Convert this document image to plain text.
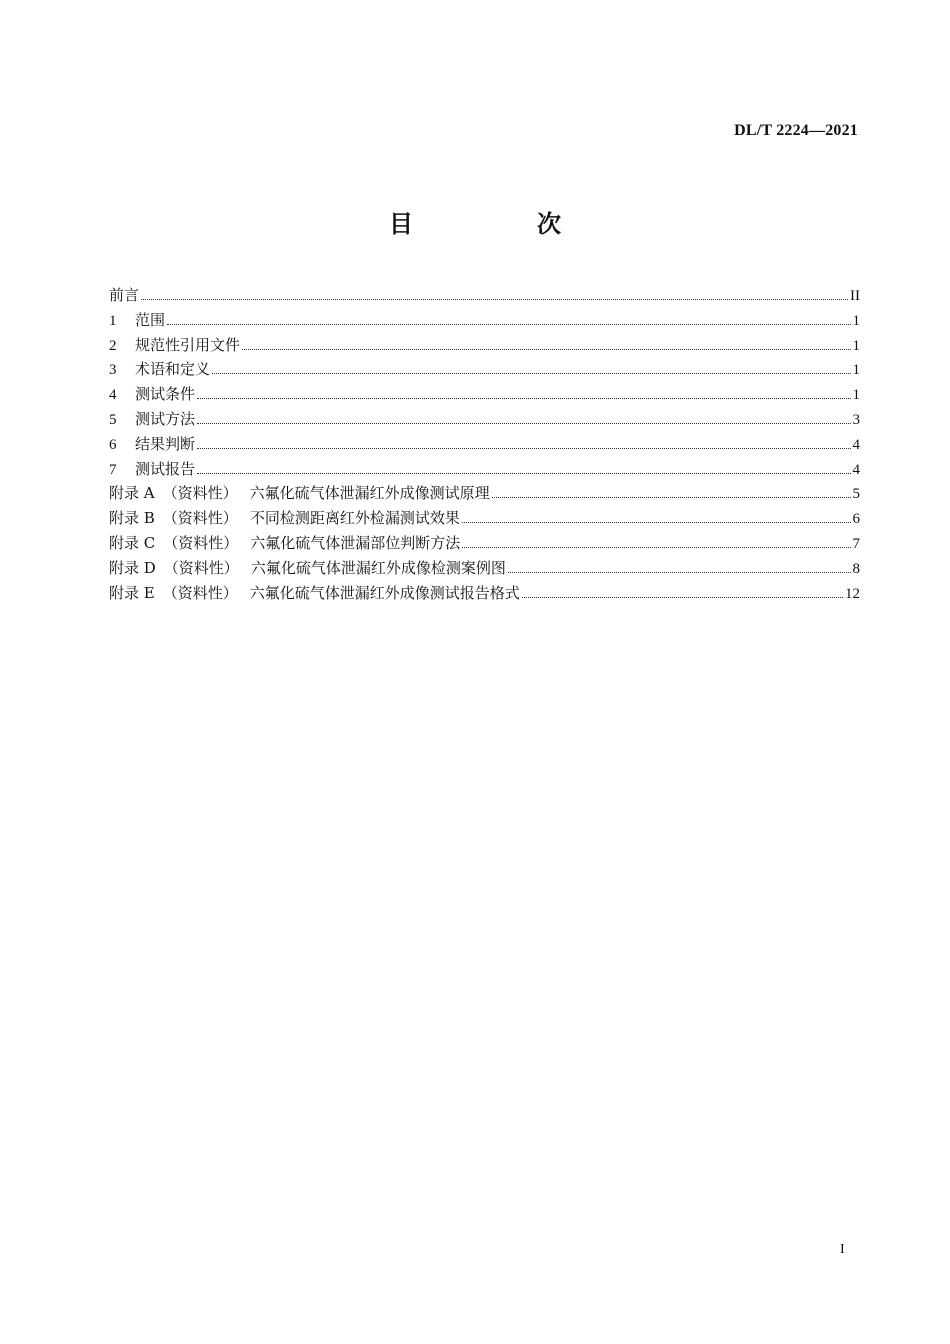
DL/T 2224—2021
目　次
前言	II
1	范围	1
2	规范性引用文件	1
3	术语和定义	1
4	测试条件	1
5	测试方法	3
6	结果判断	4
7	测试报告	4
附录 A （资料性） 六氟化硫气体泄漏红外成像测试原理	5
附录 B （资料性） 不同检测距离红外检漏测试效果	6
附录 C （资料性） 六氟化硫气体泄漏部位判断方法	7
附录 D （资料性） 六氟化硫气体泄漏红外成像检测案例图	8
附录 E （资料性） 六氟化硫气体泄漏红外成像测试报告格式	12
I
